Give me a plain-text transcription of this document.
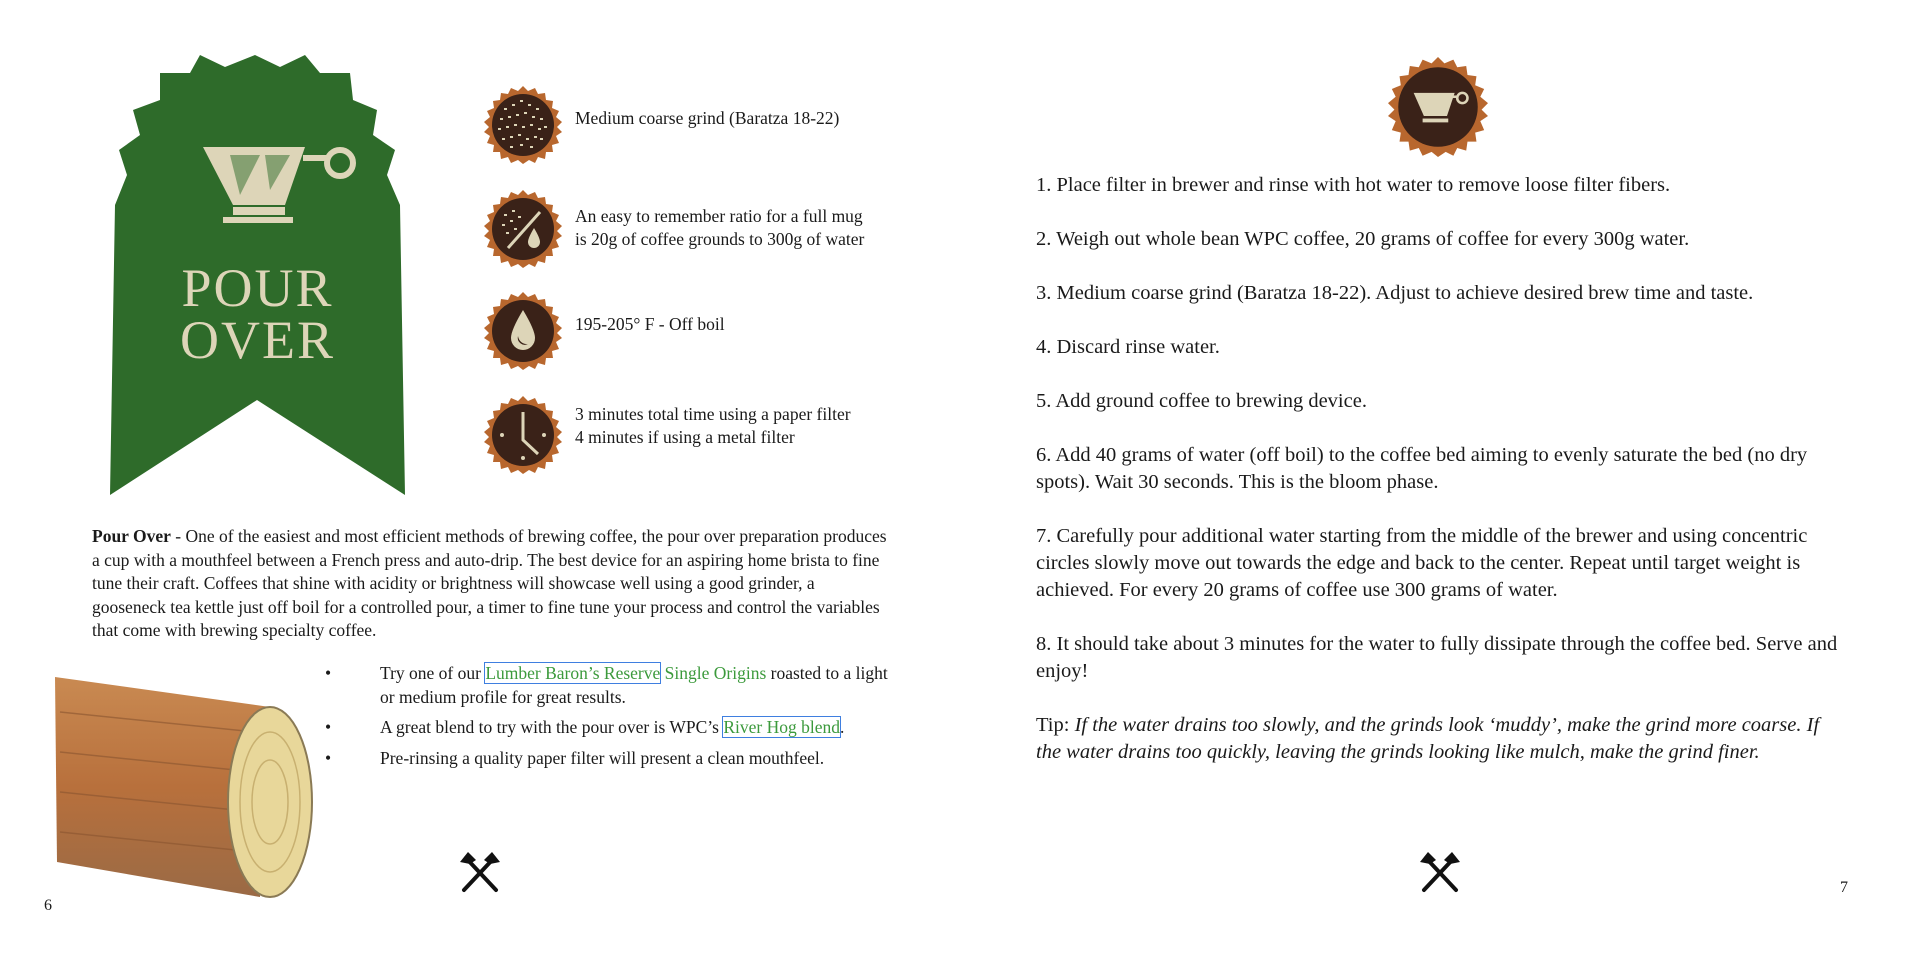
POUR
OVER
Medium coarse grind (Baratza 18-22)
An easy to remember ratio for a full mug
is 20g of coffee grounds to 300g of water
195-205° F - Off boil
3 minutes total time using a paper filter
4 minutes if using a metal filter
Pour Over - One of the easiest and most efficient methods of brewing coffee, the pour over preparation produces a cup with a mouthfeel between a French press and auto-drip. The best device for an aspiring home brista to fine tune their craft. Coffees that shine with acidity or brightness will showcase well using a good grinder, a gooseneck tea kettle just off boil for a controlled pour, a timer to fine tune your process and control the variables that come with brewing specialty coffee.
•	Try one of our Lumber Baron’s Reserve Single Origins roasted to a light or medium profile for great results.
•	A great blend to try with the pour over is WPC’s River Hog blend.
•	Pre-rinsing a quality paper filter will present a clean mouthfeel.
6
1. Place filter in brewer and rinse with hot water to remove loose filter fibers.
2. Weigh out whole bean WPC coffee, 20 grams of coffee for every 300g water.
3. Medium coarse grind (Baratza 18-22). Adjust to achieve desired brew time and taste.
4. Discard rinse water.
5. Add ground coffee to brewing device.
6. Add 40 grams of water (off boil) to the coffee bed aiming to evenly saturate the bed (no dry spots). Wait 30 seconds. This is the bloom phase.
7. Carefully pour additional water starting from the middle of the brewer and using concentric circles slowly move out towards the edge and back to the center. Repeat until target weight is achieved. For every 20 grams of coffee use 300 grams of water.
8. It should take about 3 minutes for the water to fully dissipate through the coffee bed. Serve and enjoy!
Tip: If the water drains too slowly, and the grinds look ‘muddy’, make the grind more coarse. If the water drains too quickly, leaving the grinds looking like mulch, make the grind finer.
7
